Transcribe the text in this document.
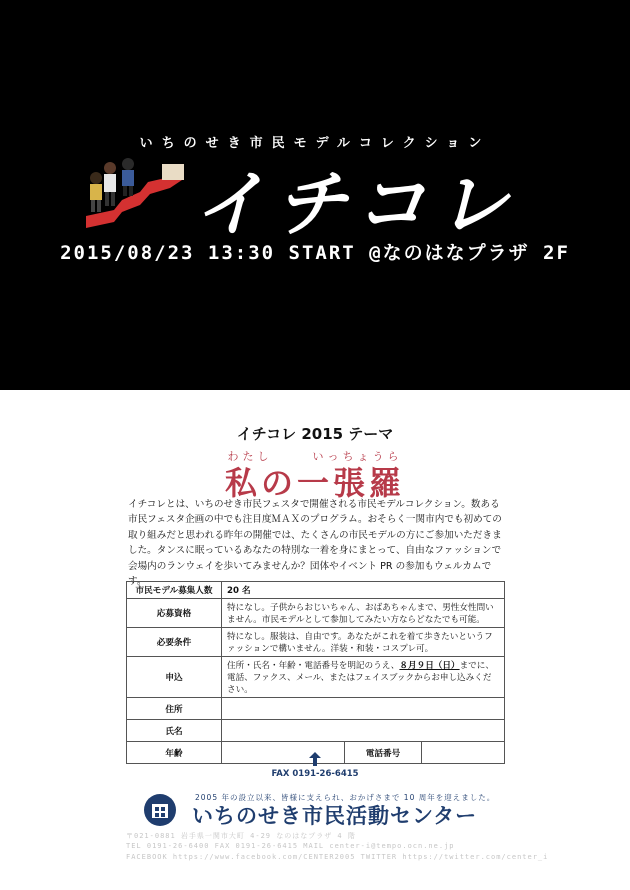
いちのせき市民モデルコレクション
イチコレ
2015/08/23 13:30 START @なのはなプラザ 2F
イチコレ 2015 テーマ
わたし	いっちょうら
私の一張羅
イチコレとは、いちのせき市民フェスタで開催される市民モデルコレクション。数ある市民フェスタ企画の中でも注目度ＭＡＸのプログラム。おそらく一関市内でも初めての取り組みだと思われる昨年の開催では、たくさんの市民モデルの方にご参加いただきました。タンスに眠っているあなたの特別な一着を身にまとって、自由なファッションで会場内のランウェイを歩いてみませんか？団体やイベント PR の参加もウェルカムです。
市民モデル募集人数	20 名		
応募資格	特になし。子供からおじいちゃん、おばあちゃんまで、男性女性問いません。市民モデルとして参加してみたい方ならどなたでも可能。		
必要条件	特になし。服装は、自由です。あなたがこれを着て歩きたいというファッションで構いません。洋装・和装・コスプレ可。		
申込	住所・氏名・年齢・電話番号を明記のうえ、８月９日（日）までに、電話、ファクス、メール、またはフェイスブックからお申し込みください。		
住所			
氏名			
年齢		電話番号	
FAX 0191-26-6415
2005 年の設立以来、皆様に支えられ、おかげさまで 10 周年を迎えました。
いちのせき市民活動センター
〒021-0881 岩手県一関市大町 4-29 なのはなプラザ 4 階
TEL 0191-26-6400 FAX 0191-26-6415 MAIL center-i@tempo.ocn.ne.jp
FACEBOOK https://www.facebook.com/CENTER2005 TWITTER https://twitter.com/center_i
